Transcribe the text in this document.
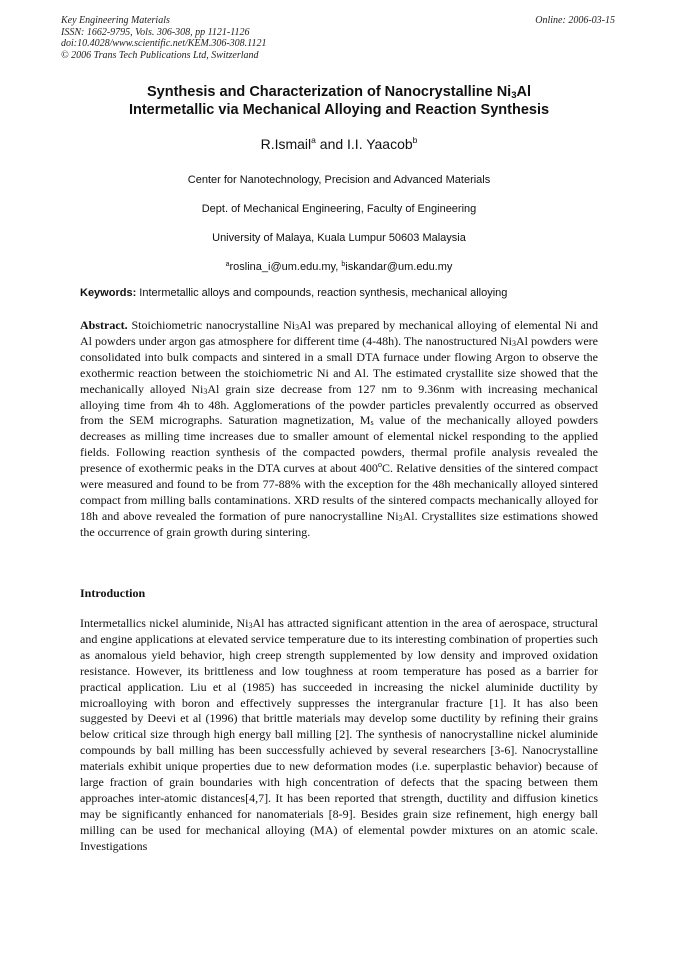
Key Engineering Materials
ISSN: 1662-9795, Vols. 306-308, pp 1121-1126
doi:10.4028/www.scientific.net/KEM.306-308.1121
© 2006 Trans Tech Publications Ltd, Switzerland
Online: 2006-03-15
Synthesis and Characterization of Nanocrystalline $Ni_3Al$
Intermetallic via Mechanical Alloying and Reaction Synthesis
R.Ismail$^a$ and I.I. Yaacob$^b$
Center for Nanotechnology, Precision and Advanced Materials
Dept. of Mechanical Engineering, Faculty of Engineering
University of Malaya, Kuala Lumpur 50603 Malaysia
$^a$roslina_i@um.edu.my, $^b$iskandar@um.edu.my
Keywords: Intermetallic alloys and compounds, reaction synthesis, mechanical alloying
Abstract. Stoichiometric nanocrystalline $Ni_3Al$ was prepared by mechanical alloying of elemental Ni and Al powders under argon gas atmosphere for different time (4-48h). The nanostructured $Ni_3Al$ powders were consolidated into bulk compacts and sintered in a small DTA furnace under flowing Argon to observe the exothermic reaction between the stoichiometric Ni and Al. The estimated crystallite size showed that the mechanically alloyed $Ni_3Al$ grain size decrease from 127 nm to 9.36nm with increasing mechanical alloying time from 4h to 48h. Agglomerations of the powder particles prevalently occurred as observed from the SEM micrographs. Saturation magnetization, $M_s$ value of the mechanically alloyed powders decreases as milling time increases due to smaller amount of elemental nickel responding to the applied fields. Following reaction synthesis of the compacted powders, thermal profile analysis revealed the presence of exothermic peaks in the DTA curves at about 400$^o$C. Relative densities of the sintered compact were measured and found to be from 77-88% with the exception for the 48h mechanically alloyed sintered compact from milling balls contaminations. XRD results of the sintered compacts mechanically alloyed for 18h and above revealed the formation of pure nanocrystalline $Ni_3Al$. Crystallites size estimations showed the occurrence of grain growth during sintering.
Introduction
Intermetallics nickel aluminide, $Ni_3Al$ has attracted significant attention in the area of aerospace, structural and engine applications at elevated service temperature due to its interesting combination of properties such as anomalous yield behavior, high creep strength supplemented by low density and improved oxidation resistance. However, its brittleness and low toughness at room temperature has posed as a barrier for practical application. Liu et al (1985) has succeeded in increasing the nickel aluminide ductility by microalloying with boron and effectively suppresses the intergranular fracture [1]. It has also been suggested by Deevi et al (1996) that brittle materials may develop some ductility by refining their grains below critical size through high energy ball milling [2]. The synthesis of nanocrystalline nickel aluminide compounds by ball milling has been successfully achieved by several researchers [3-6]. Nanocrystalline materials exhibit unique properties due to new deformation modes (i.e. superplastic behavior) because of large fraction of grain boundaries with high concentration of defects that the spacing between them approaches inter-atomic distances[4,7]. It has been reported that strength, ductility and diffusion kinetics may be significantly enhanced for nanomaterials [8-9]. Besides grain size refinement, high energy ball milling can be used for mechanical alloying (MA) of elemental powder mixtures on an atomic scale. Investigations
